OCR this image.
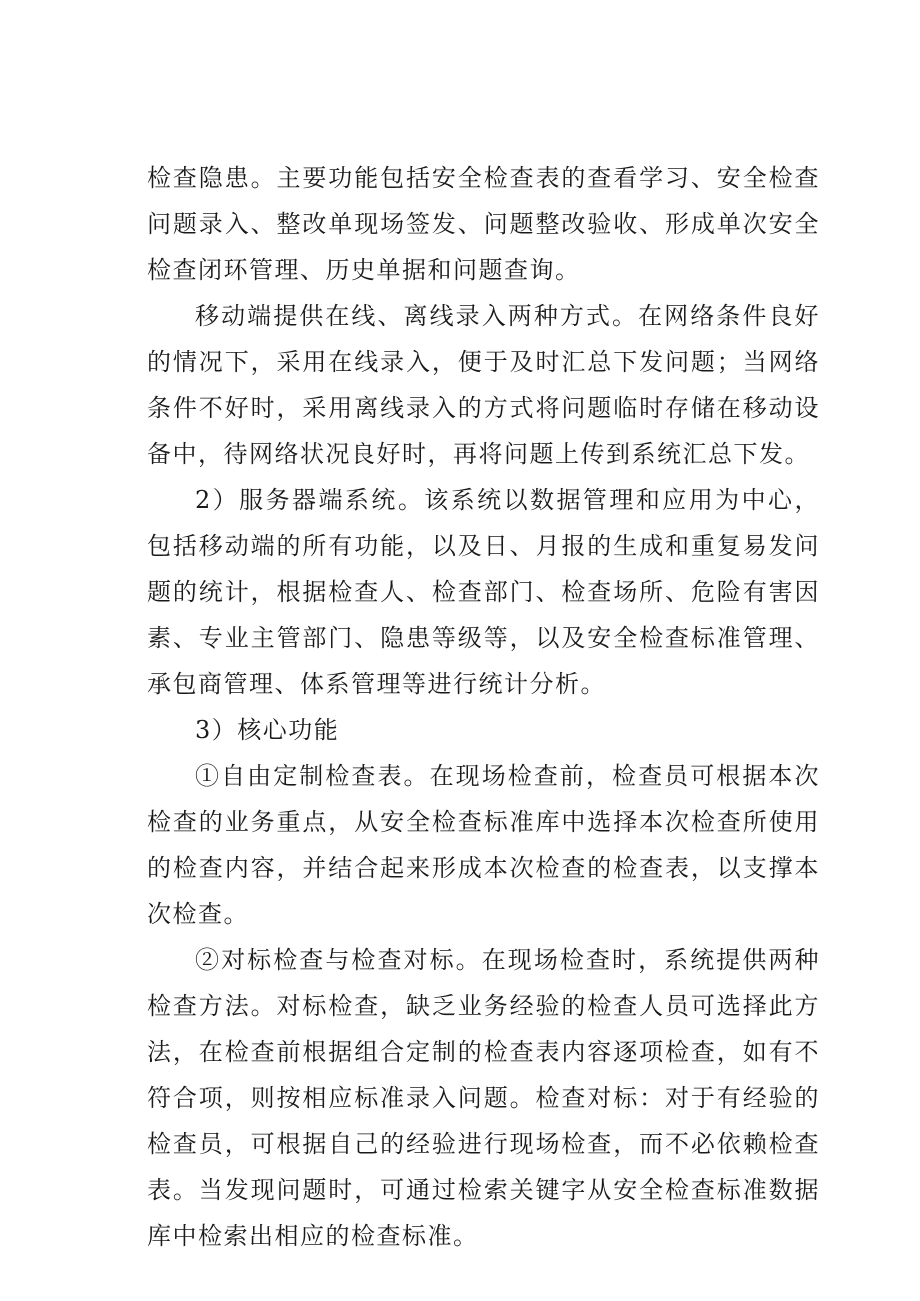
检查隐患。主要功能包括安全检查表的查看学习、安全检查问题录入、整改单现场签发、问题整改验收、形成单次安全检查闭环管理、历史单据和问题查询。

移动端提供在线、离线录入两种方式。在网络条件良好的情况下，采用在线录入，便于及时汇总下发问题；当网络条件不好时，采用离线录入的方式将问题临时存储在移动设备中，待网络状况良好时，再将问题上传到系统汇总下发。

2）服务器端系统。该系统以数据管理和应用为中心，包括移动端的所有功能，以及日、月报的生成和重复易发问题的统计，根据检查人、检查部门、检查场所、危险有害因素、专业主管部门、隐患等级等，以及安全检查标准管理、承包商管理、体系管理等进行统计分析。

3）核心功能

①自由定制检查表。在现场检查前，检查员可根据本次检查的业务重点，从安全检查标准库中选择本次检查所使用的检查内容，并结合起来形成本次检查的检查表，以支撑本次检查。

②对标检查与检查对标。在现场检查时，系统提供两种检查方法。对标检查，缺乏业务经验的检查人员可选择此方法，在检查前根据组合定制的检查表内容逐项检查，如有不符合项，则按相应标准录入问题。检查对标：对于有经验的检查员，可根据自己的经验进行现场检查，而不必依赖检查表。当发现问题时，可通过检索关键字从安全检查标准数据库中检索出相应的检查标准。
